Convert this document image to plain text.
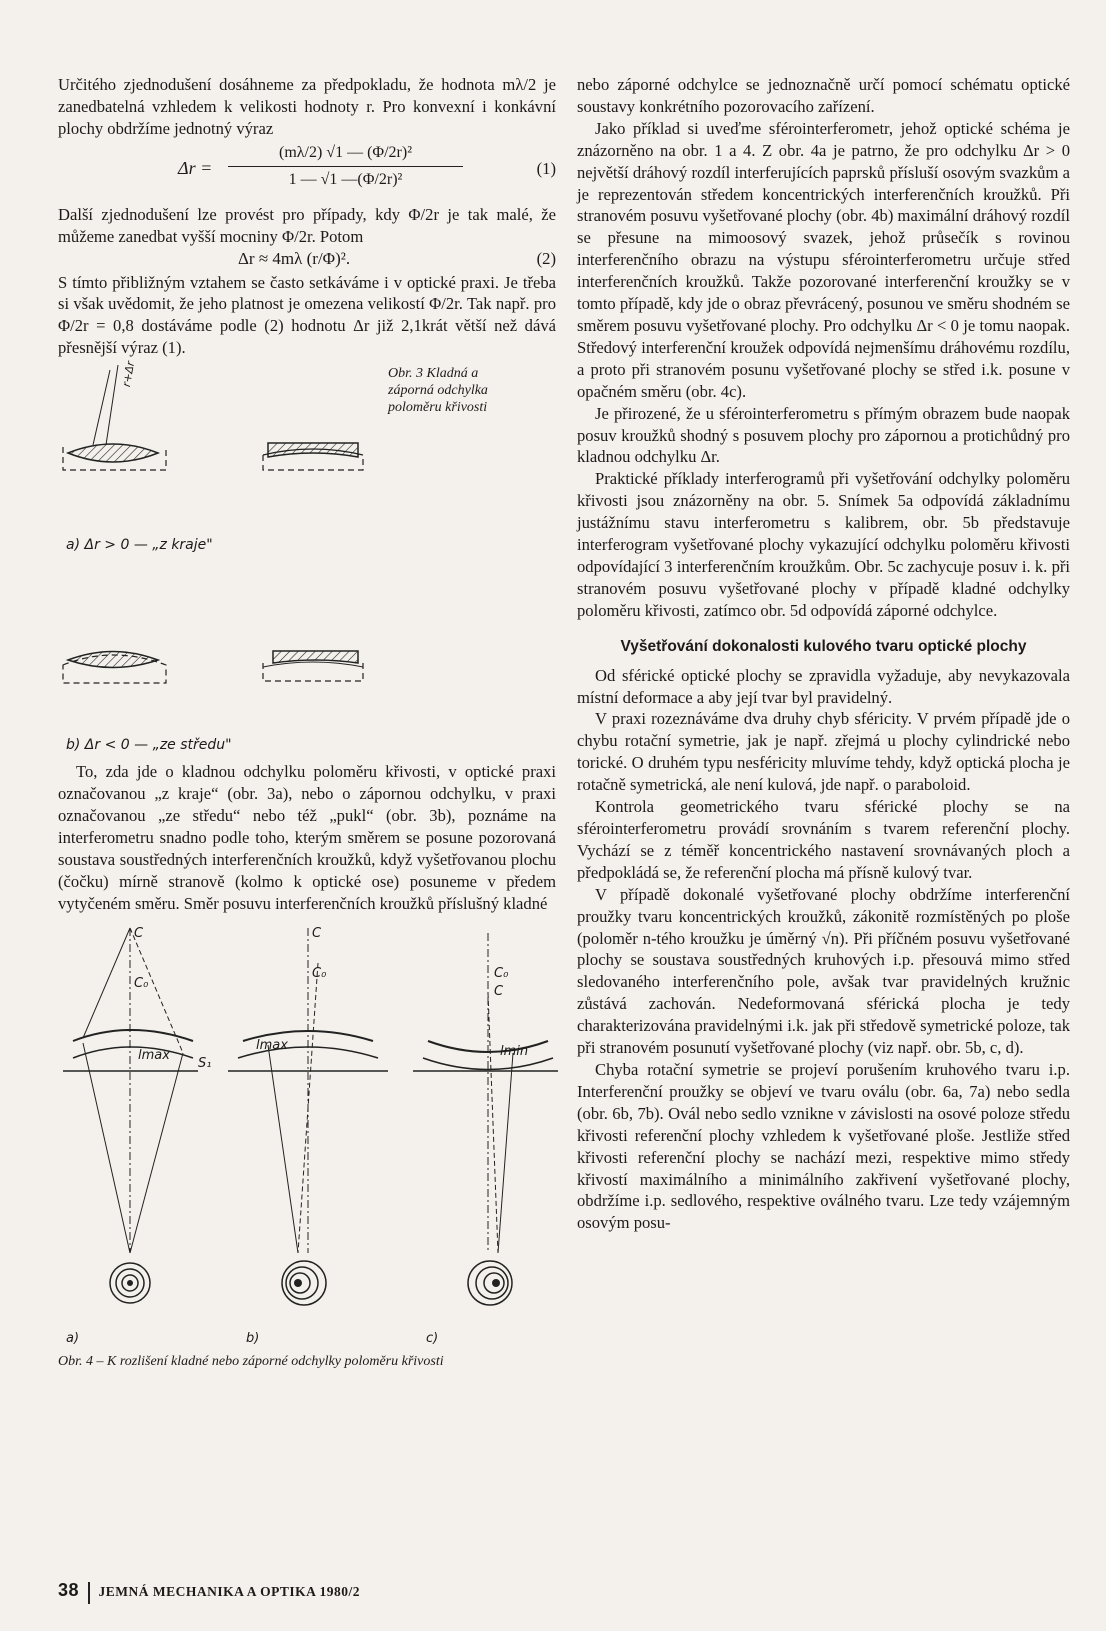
Určitého zjednodušení dosáhneme za předpokladu, že hodnota mλ/2 je zanedbatelná vzhledem k velikosti hodnoty r. Pro konvexní i konkávní plochy obdržíme jednotný výraz

$\Delta r = \frac{\text{(mλ/2) √1 — (Φ/2r)²}}{\text{1 — √1 —(Φ/2r)²}}$	(1)

Další zjednodušení lze provést pro případy, kdy Φ/2r je tak malé, že můžeme zanedbat vyšší mocniny Φ/2r. Potom

Δr ≈ 4mλ (r/Φ)².	(2)

S tímto přibližným vztahem se často setkáváme i v optické praxi. Je třeba si však uvědomit, že jeho platnost je omezena velikostí Φ/2r. Tak např. pro Φ/2r = 0,8 dostáváme podle (2) hodnotu Δr již 2,1krát větší než dává přesnější výraz (1).

Obr. 3 Kladná a záporná odchylka poloměru křivosti
r+Δr
a) Δr > 0 — „z kraje"
b) Δr < 0 — „ze středu"

To, zda jde o kladnou odchylku poloměru křivosti, v optické praxi označovanou „z kraje“ (obr. 3a), nebo o zápornou odchylku, v praxi označovanou „ze středu“ nebo též „pukl“ (obr. 3b), poznáme na interferometru snadno podle toho, kterým směrem se posune pozorovaná soustava soustředných interferenčních kroužků, když vyšetřovanou plochu (čočku) mírně stranově (kolmo k optické ose) posuneme v předem vytyčeném směru. Směr posuvu interferenčních kroužků příslušný kladné

C
C₀
S₁
lmax
C
C₀
lmax
C₀
C
lmin
a)	b)	c)
Obr. 4 – K rozlišení kladné nebo záporné odchylky poloměru křivosti

nebo záporné odchylce se jednoznačně určí pomocí schématu optické soustavy konkrétního pozorovacího zařízení.

Jako příklad si uveďme sférointerferometr, jehož optické schéma je znázorněno na obr. 1 a 4. Z obr. 4a je patrno, že pro odchylku Δr > 0 největší dráhový rozdíl interferujících paprsků přísluší osovým svazkům a je reprezentován středem koncentrických interferenčních kroužků. Při stranovém posuvu vyšetřované plochy (obr. 4b) maximální dráhový rozdíl se přesune na mimoosový svazek, jehož průsečík s rovinou interferenčního obrazu na výstupu sférointerferometru určuje střed interferenčních kroužků. Takže pozorované interferenční kroužky se v tomto případě, kdy jde o obraz převrácený, posunou ve směru shodném se směrem posuvu vyšetřované plochy. Pro odchylku Δr < 0 je tomu naopak. Středový interferenční kroužek odpovídá nejmenšímu dráhovému rozdílu, a proto při stranovém posunu vyšetřované plochy se střed i.k. posune v opačném směru (obr. 4c).

Je přirozené, že u sférointerferometru s přímým obrazem bude naopak posuv kroužků shodný s posuvem plochy pro zápornou a protichůdný pro kladnou odchylku Δr.

Praktické příklady interferogramů při vyšetřování odchylky poloměru křivosti jsou znázorněny na obr. 5. Snímek 5a odpovídá základnímu justážnímu stavu interferometru s kalibrem, obr. 5b představuje interferogram vyšetřované plochy vykazující odchylku poloměru křivosti odpovídající 3 interferenčním kroužkům. Obr. 5c zachycuje posuv i. k. při stranovém posuvu vyšetřované plochy v případě kladné odchylky poloměru křivosti, zatímco obr. 5d odpovídá záporné odchylce.

Vyšetřování dokonalosti kulového tvaru optické plochy

Od sférické optické plochy se zpravidla vyžaduje, aby nevykazovala místní deformace a aby její tvar byl pravidelný.

V praxi rozeznáváme dva druhy chyb sféricity. V prvém případě jde o chybu rotační symetrie, jak je např. zřejmá u plochy cylindrické nebo torické. O druhém typu nesféricity mluvíme tehdy, když optická plocha je rotačně symetrická, ale není kulová, jde např. o paraboloid.

Kontrola geometrického tvaru sférické plochy se na sférointerferometru provádí srovnáním s tvarem referenční plochy. Vychází se z téměř koncentrického nastavení srovnávaných ploch a předpokládá se, že referenční plocha má přísně kulový tvar.

V případě dokonalé vyšetřované plochy obdržíme interferenční proužky tvaru koncentrických kroužků, zákonitě rozmístěných po ploše (poloměr n-tého kroužku je úměrný √n). Při příčném posuvu vyšetřované plochy se soustava soustředných kruhových i.p. přesouvá mimo střed sledovaného interferenčního pole, avšak tvar pravidelných kružnic zůstává zachován. Nedeformovaná sférická plocha je tedy charakterizována pravidelnými i.k. jak při středově symetrické poloze, tak při stranovém posunutí vyšetřované plochy (viz např. obr. 5b, c, d).

Chyba rotační symetrie se projeví porušením kruhového tvaru i.p. Interferenční proužky se objeví ve tvaru oválu (obr. 6a, 7a) nebo sedla (obr. 6b, 7b). Ovál nebo sedlo vznikne v závislosti na osové poloze středu křivosti referenční plochy vzhledem k vyšetřované ploše. Jestliže střed křivosti referenční plochy se nachází mezi, respektive mimo středy křivostí maximálního a minimálního zakřivení vyšetřované plochy, obdržíme i.p. sedlového, respektive oválného tvaru. Lze tedy vzájemným osovým posu-

38 JEMNÁ MECHANIKA A OPTIKA 1980/2
